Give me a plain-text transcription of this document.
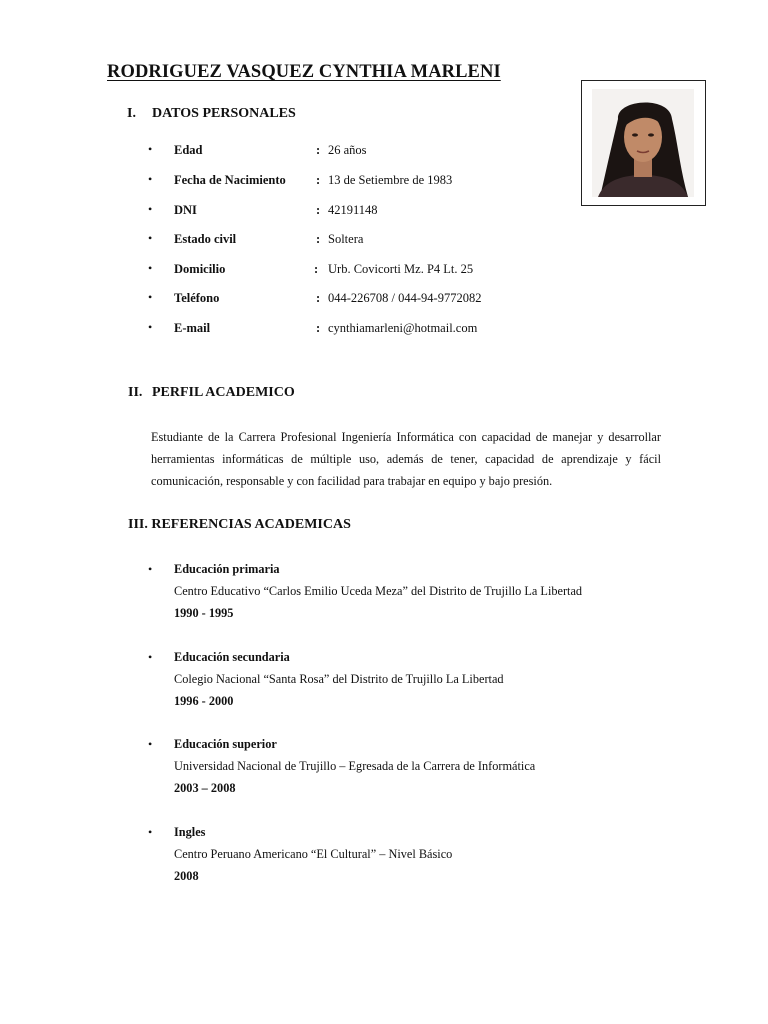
RODRIGUEZ VASQUEZ CYNTHIA MARLENI
I. DATOS PERSONALES
• Edad	: 26 años
• Fecha de Nacimiento : 13 de Setiembre de 1983
• DNI	: 42191148
• Estado civil	: Soltera
• Domicilio	: Urb. Covicorti Mz. P4 Lt. 25
• Teléfono	: 044-226708 / 044-94-9772082
• E-mail	: cynthiamarleni@hotmail.com
II. PERFIL ACADEMICO
Estudiante de la Carrera Profesional Ingeniería Informática con capacidad de manejar y desarrollar
herramientas informáticas de múltiple uso, además de tener, capacidad de aprendizaje y fácil
comunicación, responsable y con facilidad para trabajar en equipo y bajo presión.
III. REFERENCIAS ACADEMICAS
• Educación primaria
Centro Educativo “Carlos Emilio Uceda Meza” del Distrito de Trujillo La Libertad
1990 - 1995
• Educación secundaria
Colegio Nacional “Santa Rosa” del Distrito de Trujillo La Libertad
1996 - 2000
• Educación superior
Universidad Nacional de Trujillo – Egresada de la Carrera de Informática
2003 – 2008
• Ingles
Centro Peruano Americano “El Cultural” – Nivel Básico
2008
